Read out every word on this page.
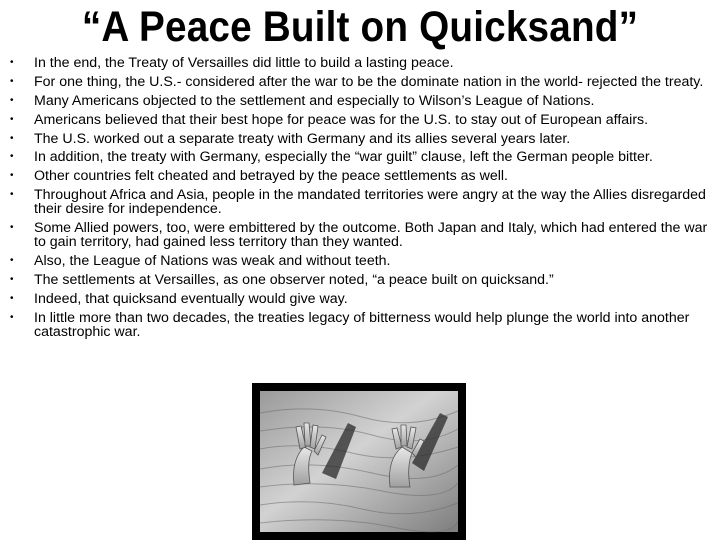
“A Peace Built on Quicksand”
• In the end, the Treaty of Versailles did little to build a lasting peace.
• For one thing, the U.S.- considered after the war to be the dominate nation in the world- rejected the treaty.
• Many Americans objected to the settlement and especially to Wilson’s League of Nations.
• Americans believed that their best hope for peace was for the U.S. to stay out of European affairs.
• The U.S. worked out a separate treaty with Germany and its allies several years later.
• In addition, the treaty with Germany, especially the “war guilt” clause, left the German people bitter.
• Other countries felt cheated and betrayed by the peace settlements as well.
• Throughout Africa and Asia, people in the mandated territories were angry at the way the Allies disregarded their desire for independence.
• Some Allied powers, too, were embittered by the outcome. Both Japan and Italy, which had entered the war to gain territory, had gained less territory than they wanted.
• Also, the League of Nations was weak and without teeth.
• The settlements at Versailles, as one observer noted, “a peace built on quicksand.”
• Indeed, that quicksand eventually would give way.
• In little more than two decades, the treaties legacy of bitterness would help plunge the world into another catastrophic war.
